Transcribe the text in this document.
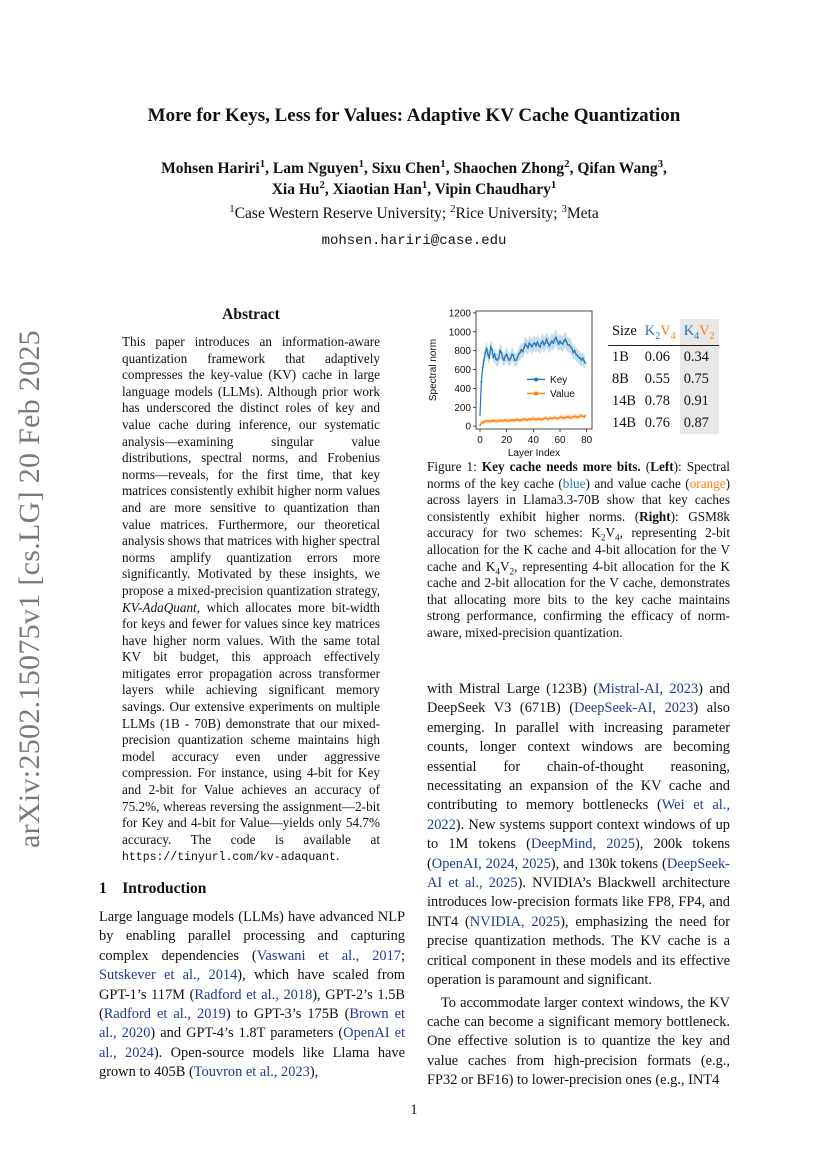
arXiv:2502.15075v1 [cs.LG] 20 Feb 2025
More for Keys, Less for Values: Adaptive KV Cache Quantization
Mohsen Hariri$^1$, Lam Nguyen$^1$, Sixu Chen$^1$, Shaochen Zhong$^2$, Qifan Wang$^3$,
Xia Hu$^2$, Xiaotian Han$^1$, Vipin Chaudhary$^1$
$^1$Case Western Reserve University; $^2$Rice University; $^3$Meta
mohsen.hariri@case.edu
Abstract
This paper introduces an information-aware quantization framework that adaptively compresses the key-value (KV) cache in large language models (LLMs). Although prior work has underscored the distinct roles of key and value cache during inference, our systematic analysis—examining singular value distributions, spectral norms, and Frobenius norms—reveals, for the first time, that key matrices consistently exhibit higher norm values and are more sensitive to quantization than value matrices. Furthermore, our theoretical analysis shows that matrices with higher spectral norms amplify quantization errors more significantly. Motivated by these insights, we propose a mixed-precision quantization strategy, KV-AdaQuant, which allocates more bit-width for keys and fewer for values since key matrices have higher norm values. With the same total KV bit budget, this approach effectively mitigates error propagation across transformer layers while achieving significant memory savings. Our extensive experiments on multiple LLMs (1B - 70B) demonstrate that our mixed-precision quantization scheme maintains high model accuracy even under aggressive compression. For instance, using 4-bit for Key and 2-bit for Value achieves an accuracy of 75.2%, whereas reversing the assignment—2-bit for Key and 4-bit for Value—yields only 54.7% accuracy. The code is available at https://tinyurl.com/kv-adaquant.
1 Introduction
Large language models (LLMs) have advanced NLP by enabling parallel processing and capturing complex dependencies (Vaswani et al., 2017; Sutskever et al., 2014), which have scaled from GPT-1’s 117M (Radford et al., 2018), GPT-2’s 1.5B (Radford et al., 2019) to GPT-3’s 175B (Brown et al., 2020) and GPT-4’s 1.8T parameters (OpenAI et al., 2024). Open-source models like Llama have grown to 405B (Touvron et al., 2023),
0
200
400
600
800
1000
1200
0 20 40 60 80
Layer Index
Spectral norm	Key
Value
Size	$K_2V_4$	$K_4V_2$
1B	0.06	0.34
8B	0.55	0.75
14B	0.78	0.91
14B	0.76	0.87
Figure 1: Key cache needs more bits. (Left): Spectral norms of the key cache (blue) and value cache (orange) across layers in Llama3.3-70B show that key caches consistently exhibit higher norms. (Right): GSM8k accuracy for two schemes: $K_2V_4$, representing 2-bit allocation for the K cache and 4-bit allocation for the V cache and $K_4V_2$, representing 4-bit allocation for the K cache and 2-bit allocation for the V cache, demonstrates that allocating more bits to the key cache maintains strong performance, confirming the efficacy of norm-aware, mixed-precision quantization.

with Mistral Large (123B) (Mistral-AI, 2023) and DeepSeek V3 (671B) (DeepSeek-AI, 2023) also emerging. In parallel with increasing parameter counts, longer context windows are becoming essential for chain-of-thought reasoning, necessitating an expansion of the KV cache and contributing to memory bottlenecks (Wei et al., 2022). New systems support context windows of up to 1M tokens (DeepMind, 2025), 200k tokens (OpenAI, 2024, 2025), and 130k tokens (DeepSeek-AI et al., 2025). NVIDIA’s Blackwell architecture introduces low-precision formats like FP8, FP4, and INT4 (NVIDIA, 2025), emphasizing the need for precise quantization methods. The KV cache is a critical component in these models and its effective operation is paramount and significant.

To accommodate larger context windows, the KV cache can become a significant memory bottleneck. One effective solution is to quantize the key and value caches from high-precision formats (e.g., FP32 or BF16) to lower-precision ones (e.g., INT4

1
